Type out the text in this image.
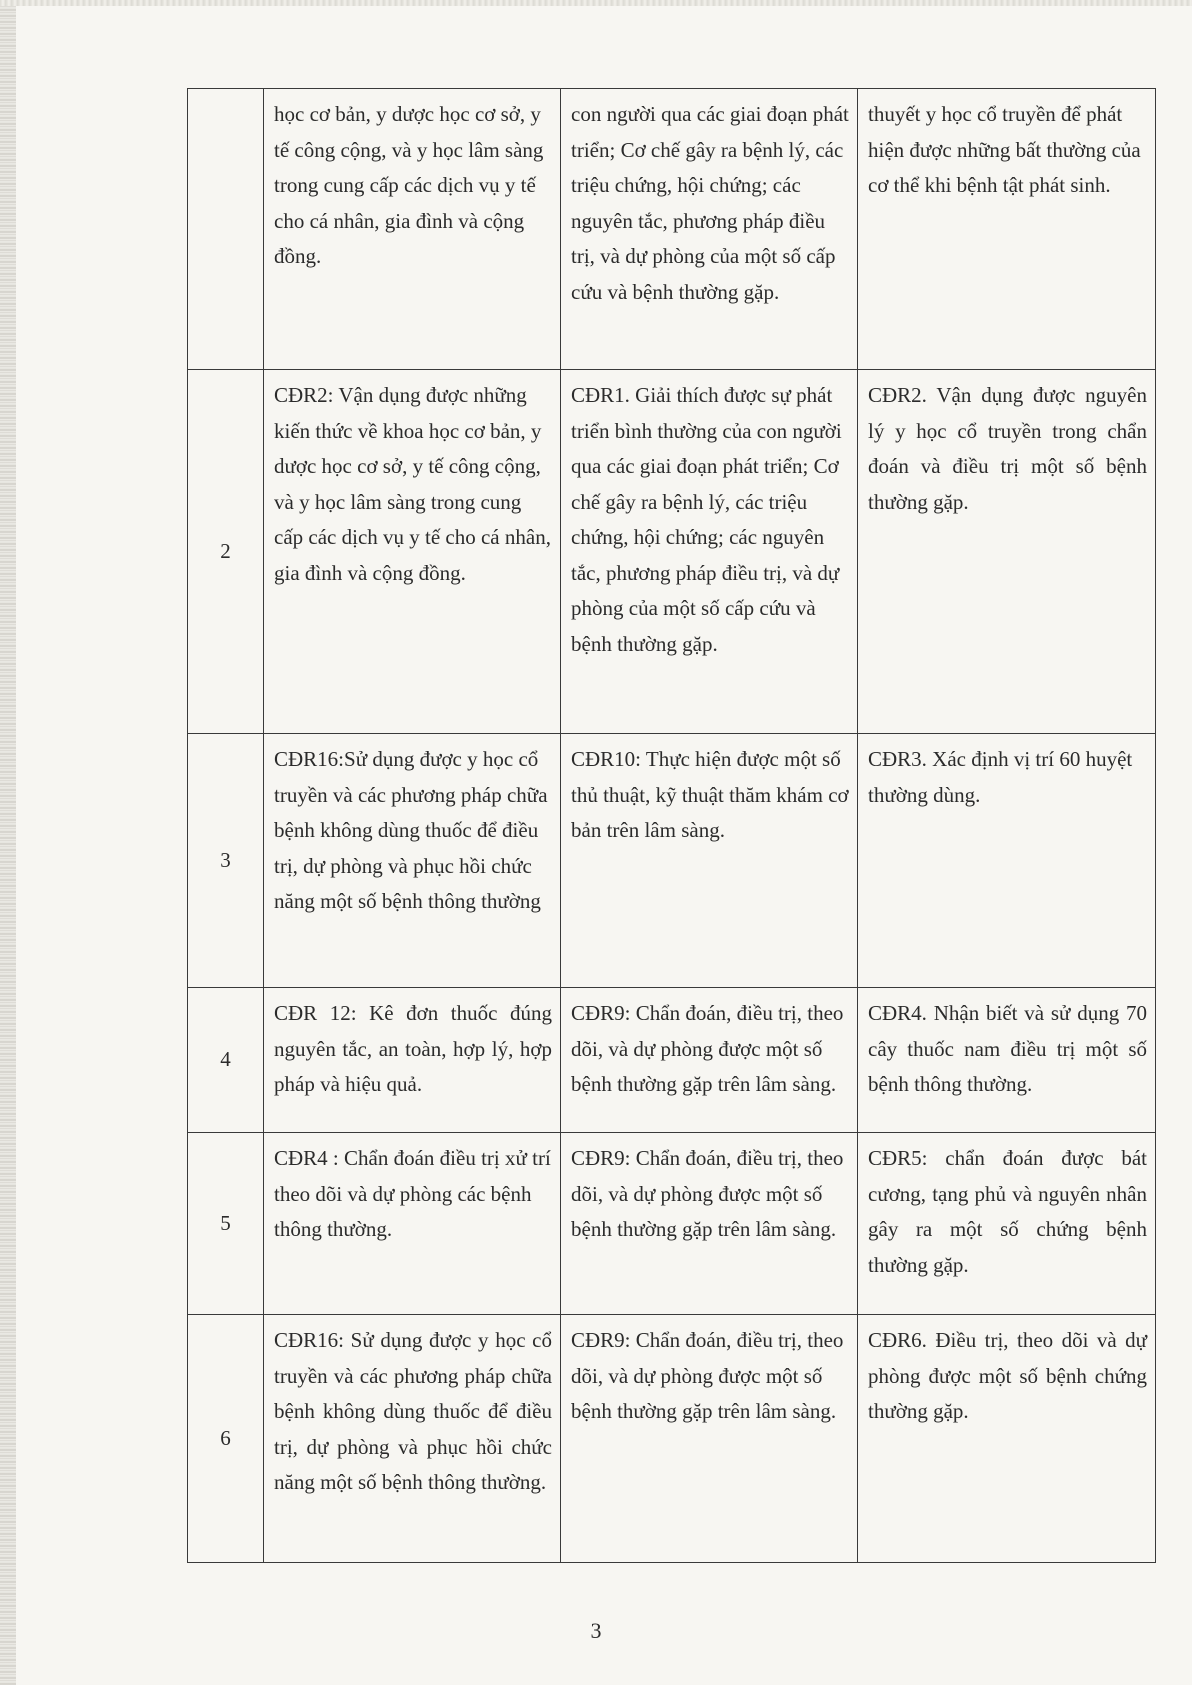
	học cơ bản, y dược học cơ sở, y tế công cộng, và y học lâm sàng trong cung cấp các dịch vụ y tế cho cá nhân, gia đình và cộng đồng.	con người qua các giai đoạn phát triển; Cơ chế gây ra bệnh lý, các triệu chứng, hội chứng; các nguyên tắc, phương pháp điều trị, và dự phòng của một số cấp cứu và bệnh thường gặp.	thuyết y học cổ truyền để phát hiện được những bất thường của cơ thể khi bệnh tật phát sinh.
2	CĐR2: Vận dụng được những kiến thức về khoa học cơ bản, y dược học cơ sở, y tế công cộng, và y học lâm sàng trong cung cấp các dịch vụ y tế cho cá nhân, gia đình và cộng đồng.	CĐR1. Giải thích được sự phát triển bình thường của con người qua các giai đoạn phát triển; Cơ chế gây ra bệnh lý, các triệu chứng, hội chứng; các nguyên tắc, phương pháp điều trị, và dự phòng của một số cấp cứu và bệnh thường gặp.	CĐR2. Vận dụng được nguyên lý y học cổ truyền trong chẩn đoán và điều trị một số bệnh thường gặp.
3	CĐR16:Sử dụng được y học cổ truyền và các phương pháp chữa bệnh không dùng thuốc để điều trị, dự phòng và phục hồi chức năng một số bệnh thông thường	CĐR10: Thực hiện được một số thủ thuật, kỹ thuật thăm khám cơ bản trên lâm sàng.	CĐR3. Xác định vị trí 60 huyệt thường dùng.
4	CĐR 12: Kê đơn thuốc đúng nguyên tắc, an toàn, hợp lý, hợp pháp và hiệu quả.	CĐR9: Chẩn đoán, điều trị, theo dõi, và dự phòng được một số bệnh thường gặp trên lâm sàng.	CĐR4. Nhận biết và sử dụng 70 cây thuốc nam điều trị một số bệnh thông thường.
5	CĐR4 : Chẩn đoán điều trị xử trí theo dõi và dự phòng các bệnh thông thường.	CĐR9: Chẩn đoán, điều trị, theo dõi, và dự phòng được một số bệnh thường gặp trên lâm sàng.	CĐR5: chẩn đoán được bát cương, tạng phủ và nguyên nhân gây ra một số chứng bệnh thường gặp.
6	CĐR16: Sử dụng được y học cổ truyền và các phương pháp chữa bệnh không dùng thuốc để điều trị, dự phòng và phục hồi chức năng một số bệnh thông thường.	CĐR9: Chẩn đoán, điều trị, theo dõi, và dự phòng được một số bệnh thường gặp trên lâm sàng.	CĐR6. Điều trị, theo dõi và dự phòng được một số bệnh chứng thường gặp.
3
